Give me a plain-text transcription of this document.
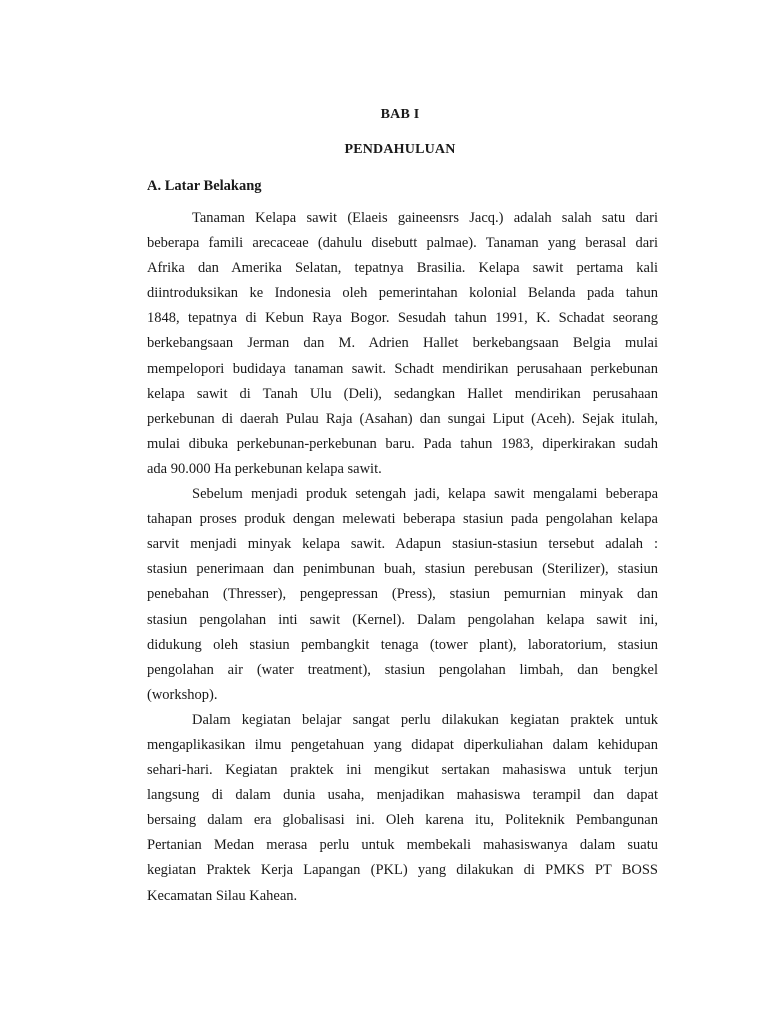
BAB I
PENDAHULUAN
A. Latar Belakang
Tanaman Kelapa sawit (Elaeis gaineensrs Jacq.) adalah salah satu dari
beberapa famili arecaceae (dahulu disebutt palmae). Tanaman yang berasal dari
Afrika dan Amerika Selatan, tepatnya Brasilia. Kelapa sawit pertama kali
diintroduksikan ke Indonesia oleh pemerintahan kolonial Belanda pada tahun
1848, tepatnya di Kebun Raya Bogor. Sesudah tahun 1991, K. Schadat seorang
berkebangsaan Jerman dan M. Adrien Hallet berkebangsaan Belgia mulai
mempelopori budidaya tanaman sawit. Schadt mendirikan perusahaan perkebunan
kelapa sawit di Tanah Ulu (Deli), sedangkan Hallet mendirikan perusahaan
perkebunan di daerah Pulau Raja (Asahan) dan sungai Liput (Aceh). Sejak itulah,
mulai dibuka perkebunan-perkebunan baru. Pada tahun 1983, diperkirakan sudah
ada 90.000 Ha perkebunan kelapa sawit.
Sebelum menjadi produk setengah jadi, kelapa sawit mengalami beberapa
tahapan proses produk dengan melewati beberapa stasiun pada pengolahan kelapa
sarvit menjadi minyak kelapa sawit. Adapun stasiun-stasiun tersebut adalah :
stasiun penerimaan dan penimbunan buah, stasiun perebusan (Sterilizer), stasiun
penebahan (Thresser), pengepressan (Press), stasiun pemurnian minyak dan
stasiun pengolahan inti sawit (Kernel). Dalam pengolahan kelapa sawit ini,
didukung oleh stasiun pembangkit tenaga (tower plant), laboratorium, stasiun
pengolahan air (water treatment), stasiun pengolahan limbah, dan bengkel
(workshop).
Dalam kegiatan belajar sangat perlu dilakukan kegiatan praktek untuk
mengaplikasikan ilmu pengetahuan yang didapat diperkuliahan dalam kehidupan
sehari-hari. Kegiatan praktek ini mengikut sertakan mahasiswa untuk terjun
langsung di dalam dunia usaha, menjadikan mahasiswa terampil dan dapat
bersaing dalam era globalisasi ini. Oleh karena itu, Politeknik Pembangunan
Pertanian Medan merasa perlu untuk membekali mahasiswanya dalam suatu
kegiatan Praktek Kerja Lapangan (PKL) yang dilakukan di PMKS PT BOSS
Kecamatan Silau Kahean.
